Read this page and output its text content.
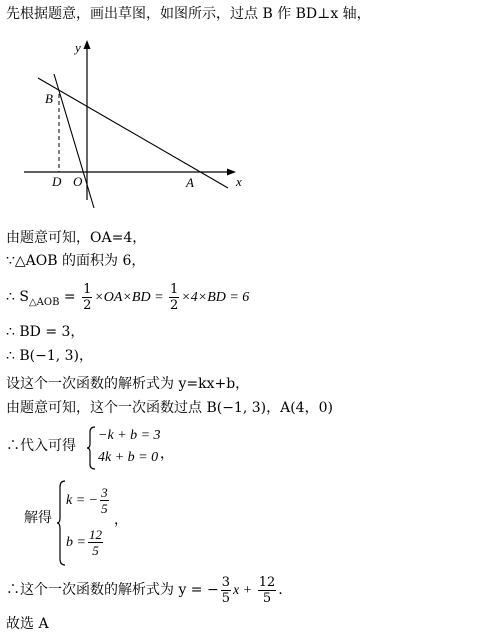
先根据题意，画出草图，如图所示，过点 B 作 BD⊥x 轴，
y
x
B
D O	A
由题意可知，OA=4，
∵△AOB 的面积为 6，
∴ $S_{\triangle AOB} = \frac{1}{2} \times OA\times BD = \frac{1}{2} \times 4\times BD = 6$
∴ BD = 3，
∴ B(−1, 3)，
设这个一次函数的解析式为 y=kx+b，
由题意可知，这个一次函数过点 B(−1, 3)，A(4，0)
∴代入可得
−k + b = 3
4k + b = 0 ，
解得
k = − $\frac{3}{5}$
，
$b = \frac{12}{5}$
∴这个一次函数的解析式为 y = − $\frac{3}{5}$ $x + \frac{12}{5}$ .
故选 A
